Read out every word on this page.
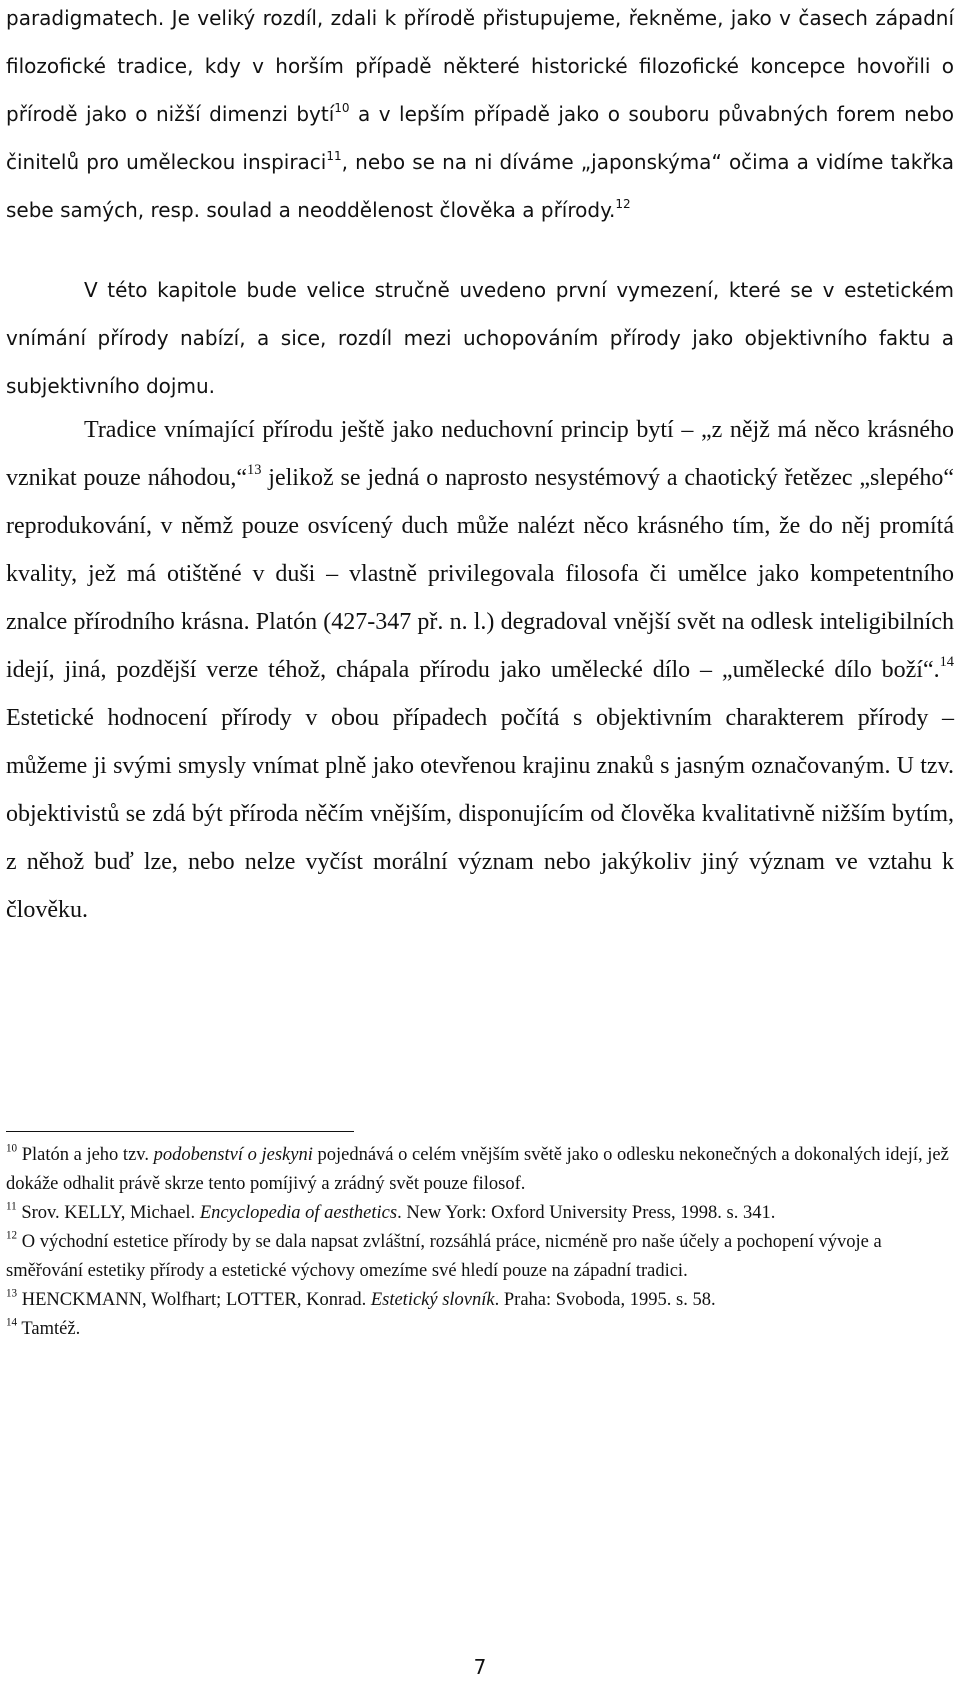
paradigmatech. Je veliký rozdíl, zdali k přírodě přistupujeme, řekněme, jako v časech západní filozofické tradice, kdy v horším případě některé historické filozofické koncepce hovořili o přírodě jako o nižší dimenzi bytí$^{10}$ a v lepším případě jako o souboru půvabných forem nebo činitelů pro uměleckou inspiraci$^{11}$, nebo se na ni díváme „japonskýma“ očima a vidíme takřka sebe samých, resp. soulad a neoddělenost člověka a přírody.$^{12}$

V této kapitole bude velice stručně uvedeno první vymezení, které se v estetickém vnímání přírody nabízí, a sice, rozdíl mezi uchopováním přírody jako objektivního faktu a subjektivního dojmu.

Tradice vnímající přírodu ještě jako neduchovní princip bytí – „z nějž má něco krásného vznikat pouze náhodou,“$^{13}$ jelikož se jedná o naprosto nesystémový a chaotický řetězec „slepého“ reprodukování, v němž pouze osvícený duch může nalézt něco krásného tím, že do něj promítá kvality, jež má otištěné v duši – vlastně privilegovala filosofa či umělce jako kompetentního znalce přírodního krásna. Platón (427-347 př. n. l.) degradoval vnější svět na odlesk inteligibilních idejí, jiná, pozdější verze téhož, chápala přírodu jako umělecké dílo – „umělecké dílo boží“.$^{14}$ Estetické hodnocení přírody v obou případech počítá s objektivním charakterem přírody – můžeme ji svými smysly vnímat plně jako otevřenou krajinu znaků s jasným označovaným. U tzv. objektivistů se zdá být příroda něčím vnějším, disponujícím od člověka kvalitativně nižším bytím, z něhož buď lze, nebo nelze vyčíst morální význam nebo jakýkoliv jiný význam ve vztahu k člověku.

$^{10}$ Platón a jeho tzv. podobenství o jeskyni pojednává o celém vnějším světě jako o odlesku nekonečných a dokonalých idejí, jež dokáže odhalit právě skrze tento pomíjivý a zrádný svět pouze filosof.

$^{11}$ Srov. KELLY, Michael. Encyclopedia of aesthetics. New York: Oxford University Press, 1998. s. 341.

$^{12}$ O východní estetice přírody by se dala napsat zvláštní, rozsáhlá práce, nicméně pro naše účely a pochopení vývoje a směřování estetiky přírody a estetické výchovy omezíme své hledí pouze na západní tradici.

$^{13}$ HENCKMANN, Wolfhart; LOTTER, Konrad. Estetický slovník. Praha: Svoboda, 1995. s. 58.

$^{14}$ Tamtéž.

7
